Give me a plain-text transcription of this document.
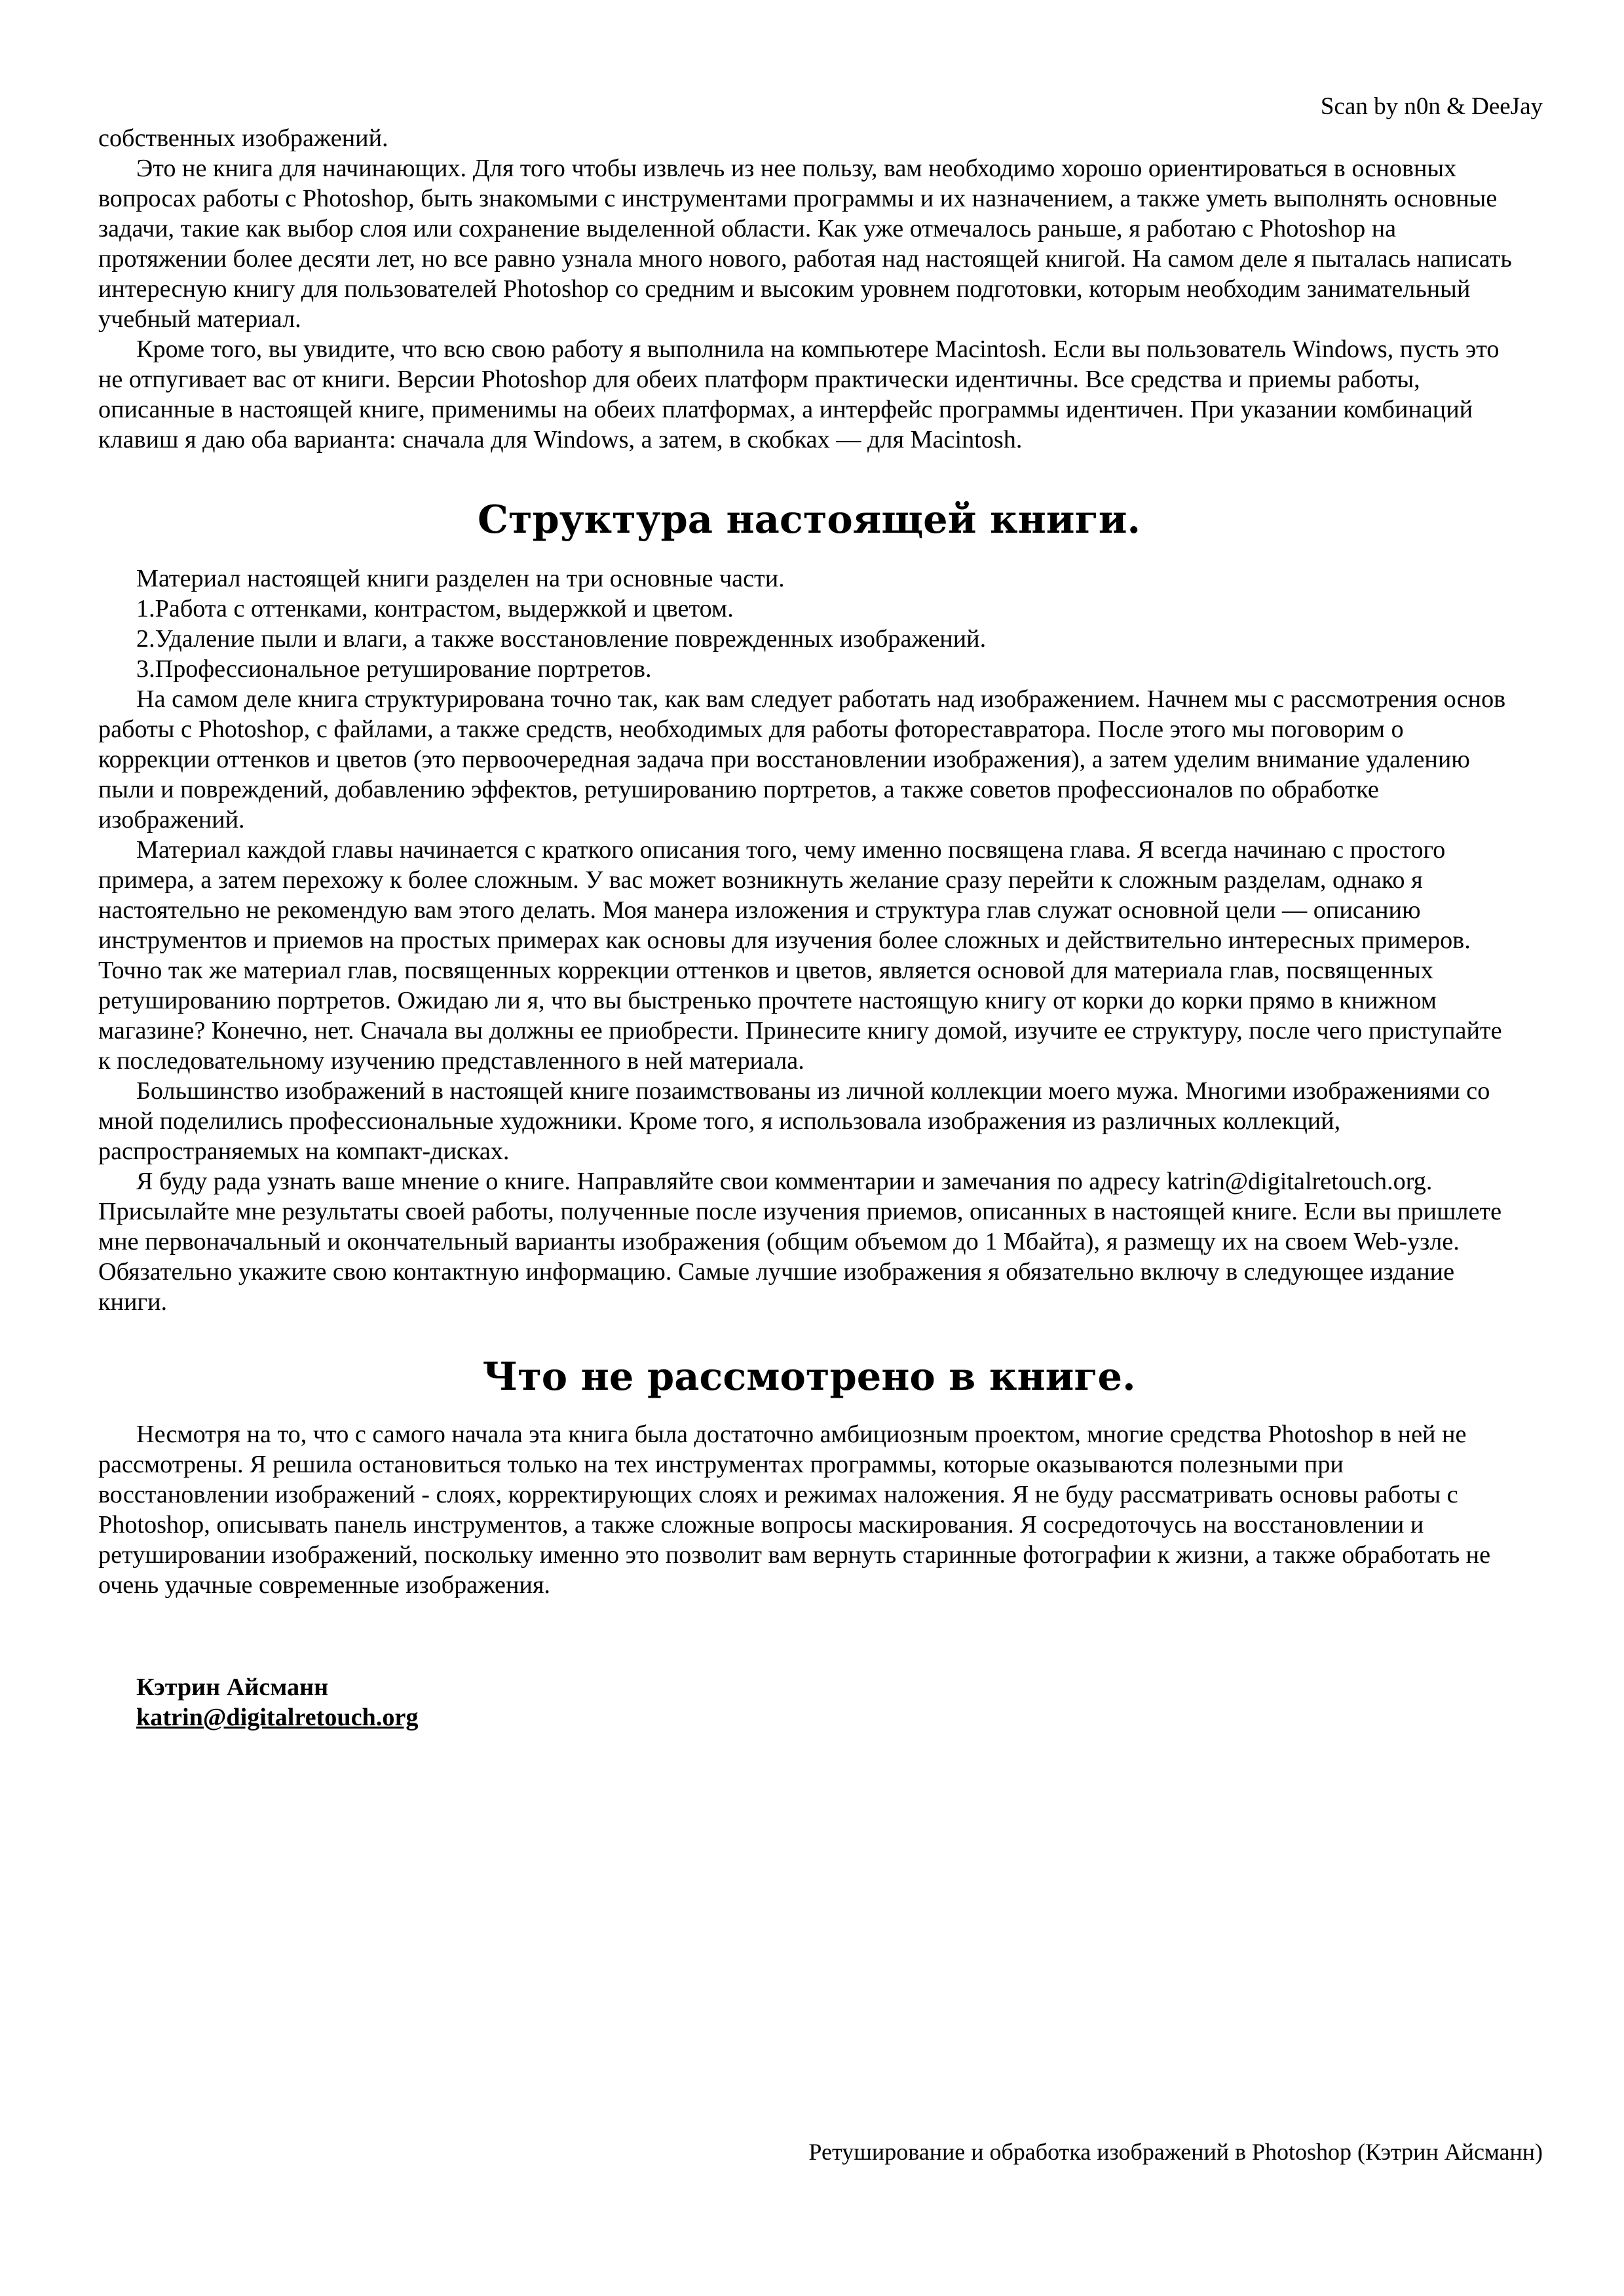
Scan by n0n & DeeJay

собственных изображений.

Это не книга для начинающих. Для того чтобы извлечь из нее пользу, вам необходимо хорошо ориентироваться в основных вопросах работы с Photoshop, быть знакомыми с инструментами программы и их назначением, а также уметь выполнять основные задачи, такие как выбор слоя или сохранение выделенной области. Как уже отмечалось раньше, я работаю с Photoshop на протяжении более десяти лет, но все равно узнала много нового, работая над настоящей книгой. На самом деле я пыталась написать интересную книгу для пользователей Photoshop со средним и высоким уровнем подготовки, которым необходим занимательный учебный материал.

Кроме того, вы увидите, что всю свою работу я выполнила на компьютере Macintosh. Если вы пользователь Windows, пусть это не отпугивает вас от книги. Версии Photoshop для обеих платформ практически идентичны. Все средства и приемы работы, описанные в настоящей книге, применимы на обеих платформах, а интерфейс программы идентичен. При указании комбинаций клавиш я даю оба варианта: сначала для Windows, а затем, в скобках — для Macintosh.

Структура настоящей книги.

Материал настоящей книги разделен на три основные части.

1.Работа с оттенками, контрастом, выдержкой и цветом.

2.Удаление пыли и влаги, а также восстановление поврежденных изображений.

3.Профессиональное ретуширование портретов.

На самом деле книга структурирована точно так, как вам следует работать над изображением. Начнем мы с рассмотрения основ работы с Photoshop, с файлами, а также средств, необходимых для работы фотореставратора. После этого мы поговорим о коррекции оттенков и цветов (это первоочередная задача при восстановлении изображения), а затем уделим внимание удалению пыли и повреждений, добавлению эффектов, ретушированию портретов, а также советов профессионалов по обработке изображений.

Материал каждой главы начинается с краткого описания того, чему именно посвящена глава. Я всегда начинаю с простого примера, а затем перехожу к более сложным. У вас может возникнуть желание сразу перейти к сложным разделам, однако я настоятельно не рекомендую вам этого делать. Моя манера изложения и структура глав служат основной цели — описанию инструментов и приемов на простых примерах как основы для изучения более сложных и действительно интересных примеров. Точно так же материал глав, посвященных коррекции оттенков и цветов, является основой для материала глав, посвященных ретушированию портретов. Ожидаю ли я, что вы быстренько прочтете настоящую книгу от корки до корки прямо в книжном магазине? Конечно, нет. Сначала вы должны ее приобрести. Принесите книгу домой, изучите ее структуру, после чего приступайте к последовательному изучению представленного в ней материала.

Большинство изображений в настоящей книге позаимствованы из личной коллекции моего мужа. Многими изображениями со мной поделились профессиональные художники. Кроме того, я использовала изображения из различных коллекций, распространяемых на компакт-дисках.

Я буду рада узнать ваше мнение о книге. Направляйте свои комментарии и замечания по адресу katrin@digitalretouch.org. Присылайте мне результаты своей работы, полученные после изучения приемов, описанных в настоящей книге. Если вы пришлете мне первоначальный и окончательный варианты изображения (общим объемом до 1 Мбайта), я размещу их на своем Web-узле. Обязательно укажите свою контактную информацию. Самые лучшие изображения я обязательно включу в следующее издание книги.

Что не рассмотрено в книге.

Несмотря на то, что с самого начала эта книга была достаточно амбициозным проектом, многие средства Photoshop в ней не рассмотрены. Я решила остановиться только на тех инструментах программы, которые оказываются полезными при восстановлении изображений - слоях, корректирующих слоях и режимах наложения. Я не буду рассматривать основы работы с Photoshop, описывать панель инструментов, а также сложные вопросы маскирования. Я сосредоточусь на восстановлении и ретушировании изображений, поскольку именно это позволит вам вернуть старинные фотографии к жизни, а также обработать не очень удачные современные изображения.

Кэтрин Айсманн

katrin@digitalretouch.org

Ретуширование и обработка изображений в Photoshop (Кэтрин Айсманн)
